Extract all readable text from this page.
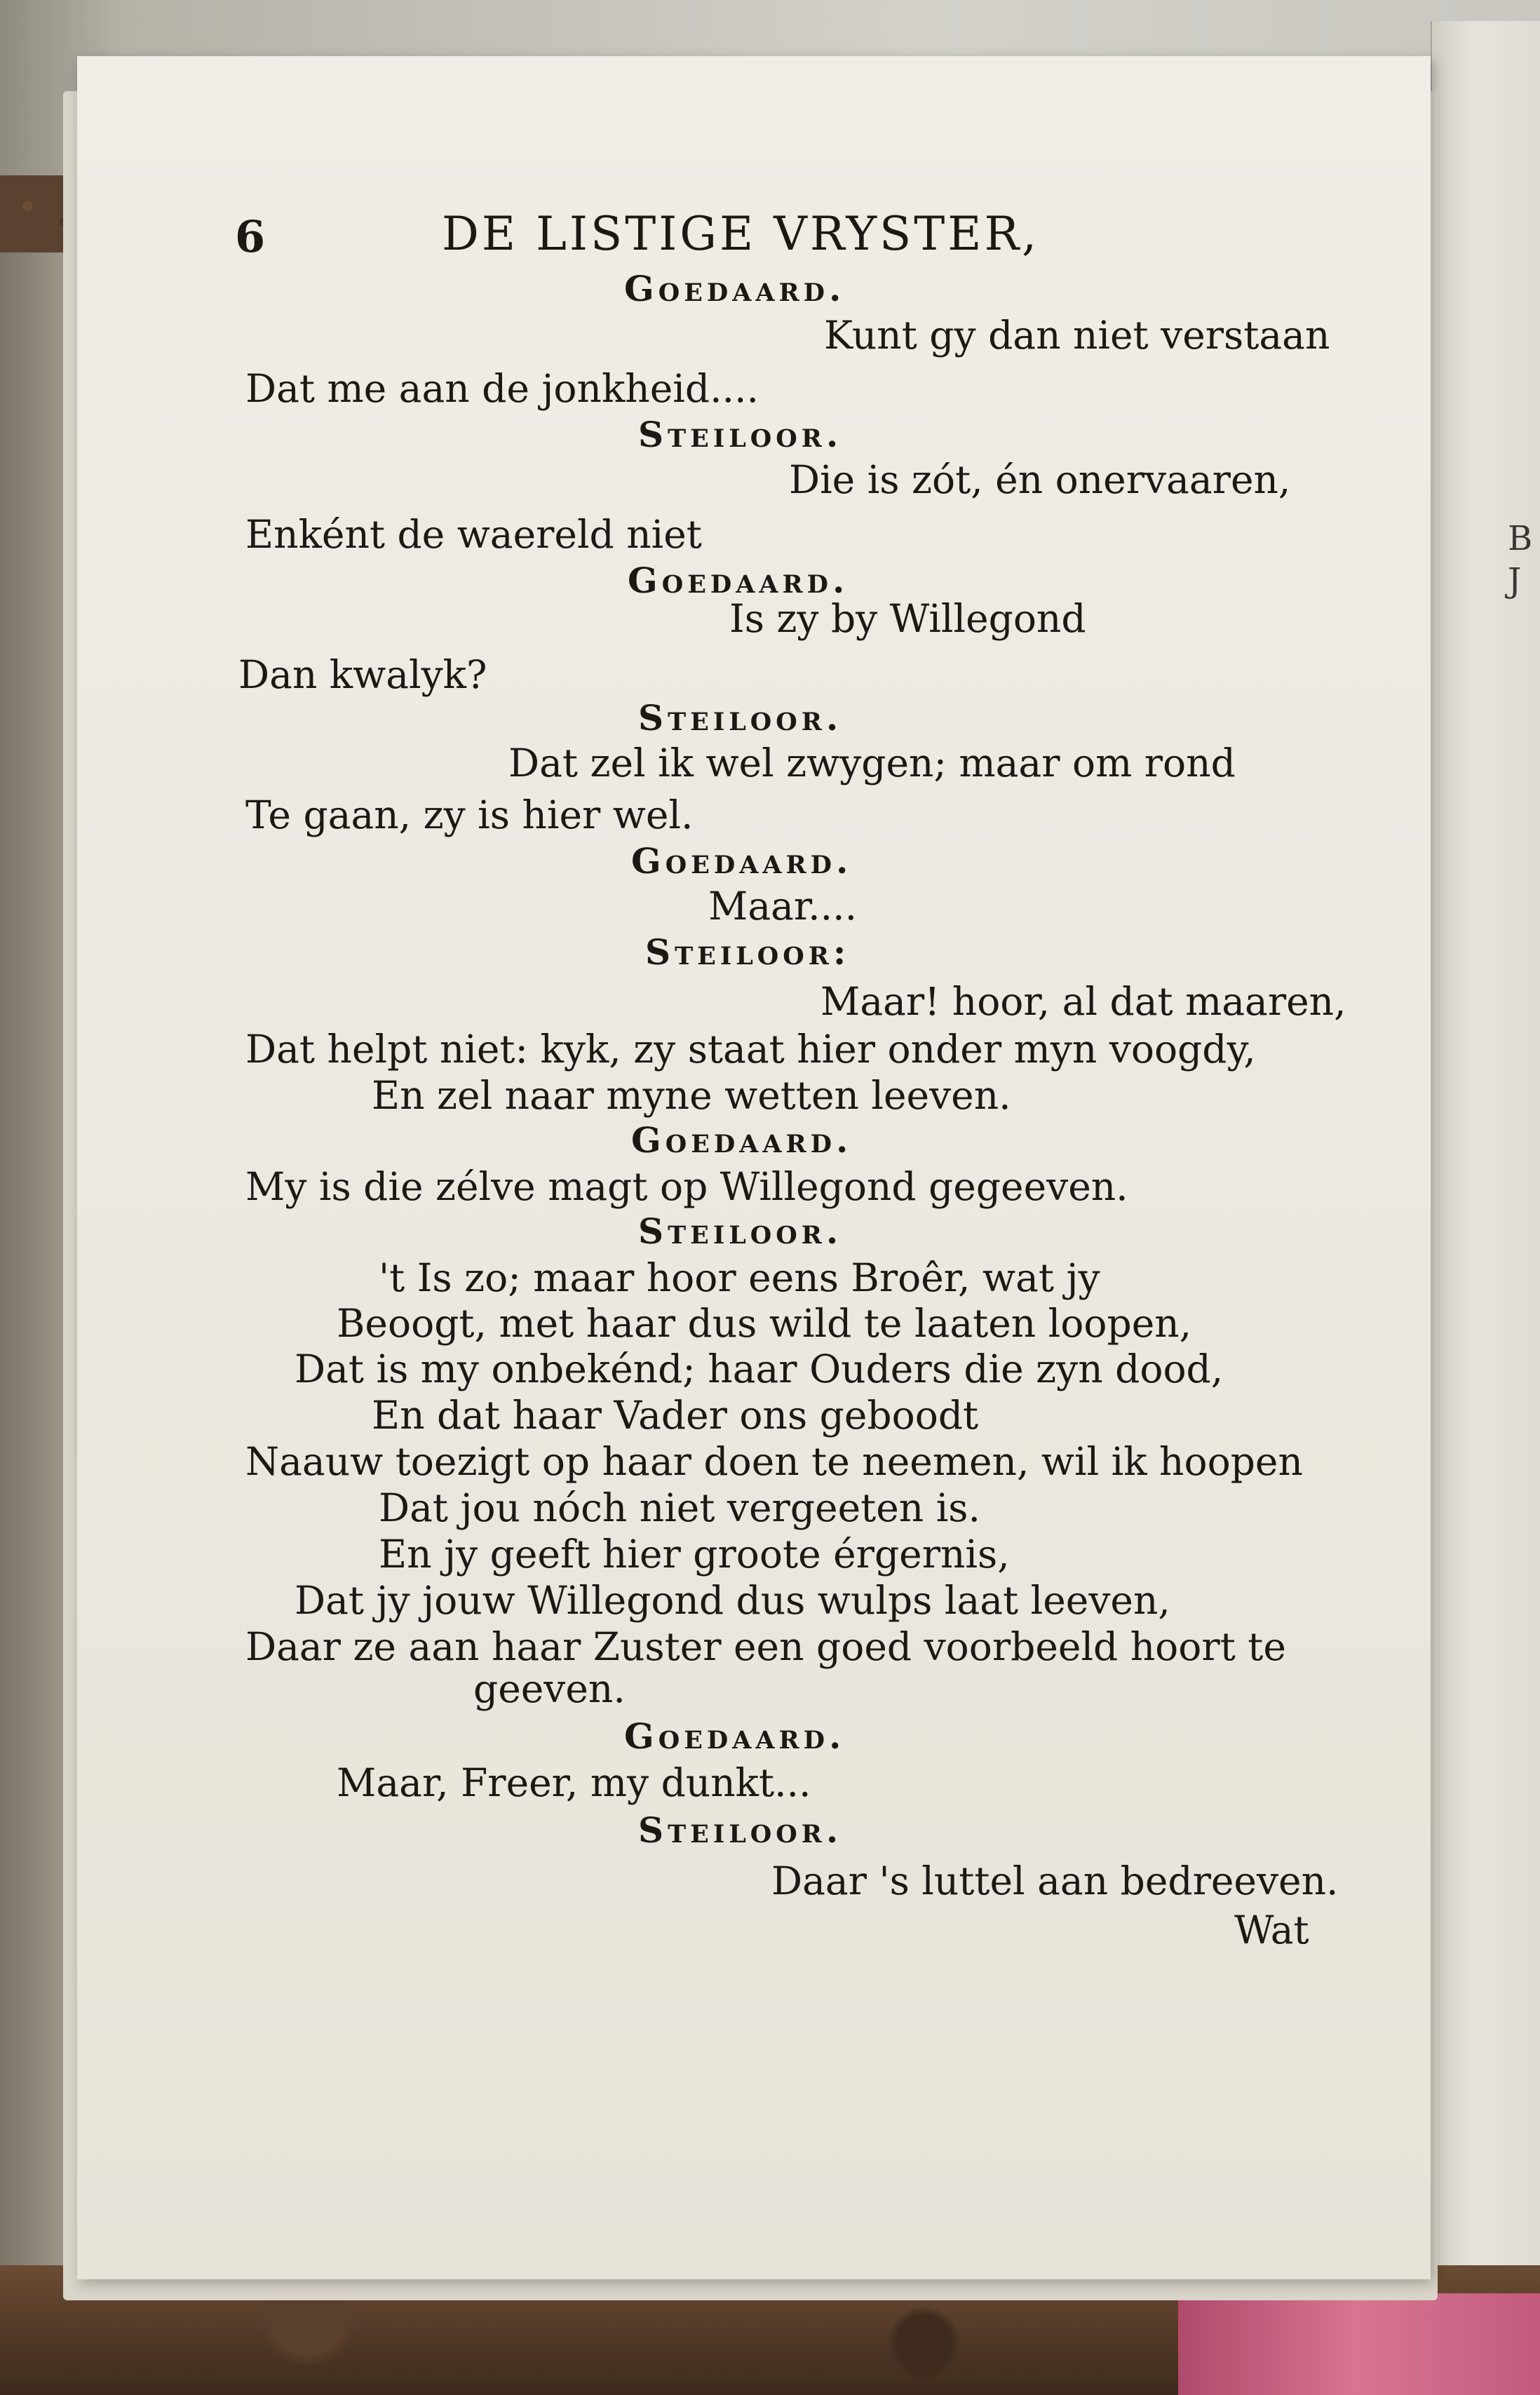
B
J
6	DE LISTIGE VRYSTER,

Goedaard.

Kunt gy dan niet verstaan

Dat me aan de jonkheid....

Steiloor.

Die is zót, én onervaaren,

Enként de waereld niet

Goedaard.

Is zy by Willegond

Dan kwalyk?

Steiloor.

Dat zel ik wel zwygen; maar om rond

Te gaan, zy is hier wel.

Goedaard.

Maar....

Steiloor:

Maar! hoor, al dat maaren,

Dat helpt niet: kyk, zy staat hier onder myn voogdy,

En zel naar myne wetten leeven.

Goedaard.

My is die zélve magt op Willegond gegeeven.

Steiloor.

't Is zo; maar hoor eens Broêr, wat jy

Beoogt, met haar dus wild te laaten loopen,

Dat is my onbekénd; haar Ouders die zyn dood,

En dat haar Vader ons geboodt

Naauw toezigt op haar doen te neemen, wil ik hoopen

Dat jou nóch niet vergeeten is.

En jy geeft hier groote érgernis,

Dat jy jouw Willegond dus wulps laat leeven,

Daar ze aan haar Zuster een goed voorbeeld hoort te

geeven.

Goedaard.

Maar, Freer, my dunkt...

Steiloor.

Daar 's luttel aan bedreeven.

Wat
